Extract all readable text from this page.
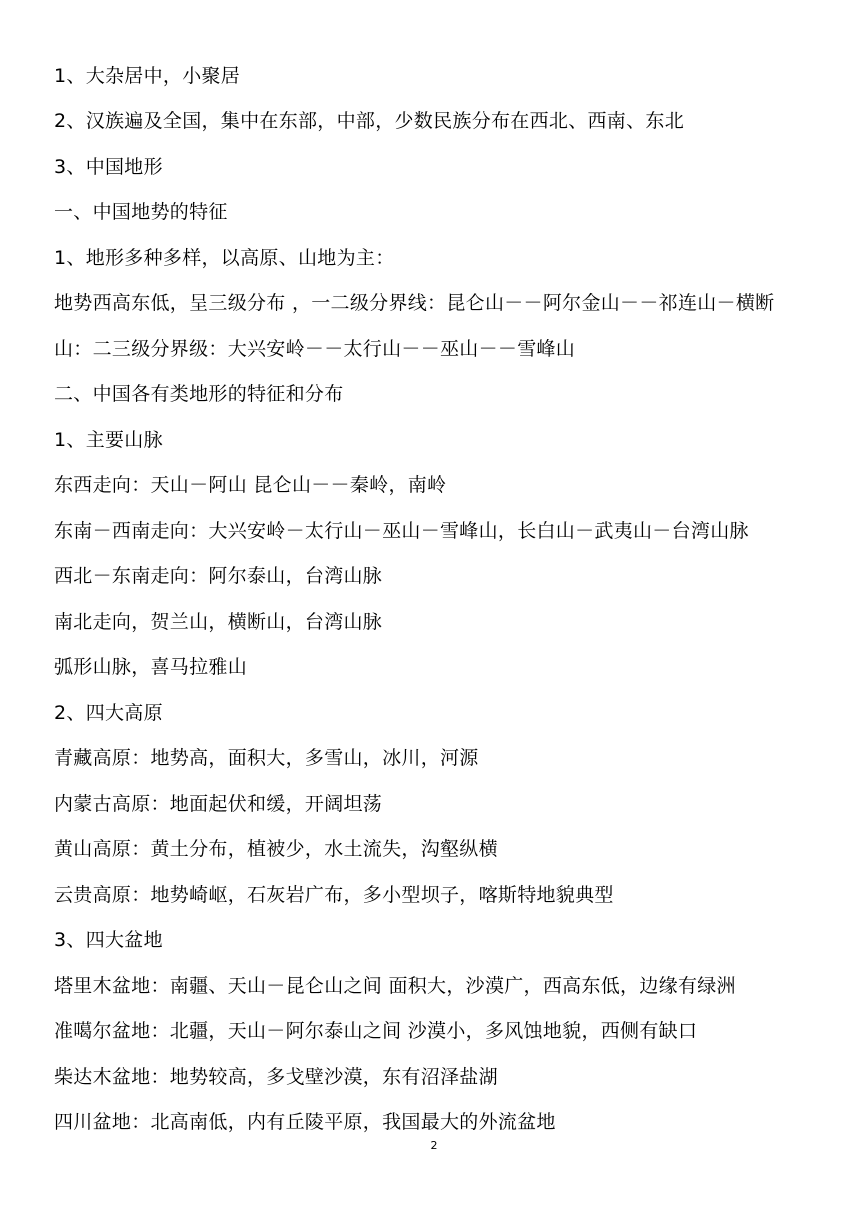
1、大杂居中，小聚居
2、汉族遍及全国，集中在东部，中部，少数民族分布在西北、西南、东北
3、中国地形
一、中国地势的特征
1、地形多种多样，以高原、山地为主：
地势西高东低，呈三级分布 ，一二级分界线：昆仑山－－阿尔金山－－祁连山－横断
山：二三级分界级：大兴安岭－－太行山－－巫山－－雪峰山
二、中国各有类地形的特征和分布
1、主要山脉
东西走向：天山－阿山 昆仑山－－秦岭，南岭
东南－西南走向：大兴安岭－太行山－巫山－雪峰山，长白山－武夷山－台湾山脉
西北－东南走向：阿尔泰山，台湾山脉
南北走向，贺兰山，横断山，台湾山脉
弧形山脉，喜马拉雅山
2、四大高原
青藏高原：地势高，面积大，多雪山，冰川，河源
内蒙古高原：地面起伏和缓，开阔坦荡
黄山高原：黄土分布，植被少，水土流失，沟壑纵横
云贵高原：地势崎岖，石灰岩广布，多小型坝子，喀斯特地貌典型
3、四大盆地
塔里木盆地：南疆、天山－昆仑山之间 面积大，沙漠广，西高东低，边缘有绿洲
准噶尔盆地：北疆，天山－阿尔泰山之间 沙漠小，多风蚀地貌，西侧有缺口
柴达木盆地：地势较高，多戈壁沙漠，东有沼泽盐湖
四川盆地：北高南低，内有丘陵平原，我国最大的外流盆地
2
